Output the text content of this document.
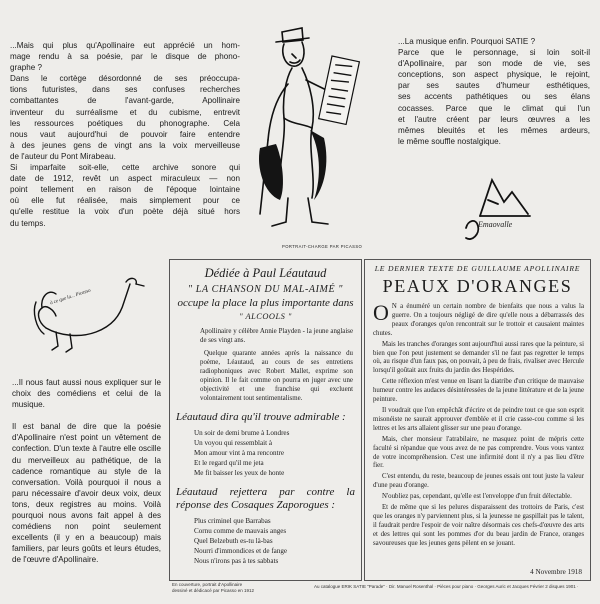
...Mais qui plus qu'Apollinaire eut apprécié un hom-
mage rendu à sa poésie, par le disque de phono-
graphe ?
Dans le cortège désordonné de ses préoccupa-
tions futuristes, dans ses confuses recherches
combattantes de l'avant-garde, Apollinaire
inventeur du surréalisme et du cubisme, entrevit
les ressources poétiques du phonographe. Cela
nous vaut aujourd'hui de pouvoir faire entendre
à des jeunes gens de vingt ans la voix merveilleuse
de l'auteur du Pont Mirabeau.
Si imparfaite soit-elle, cette archive sonore qui
date de 1912, revêt un aspect miraculeux — non
point tellement en raison de l'époque lointaine
où elle fut réalisée, mais simplement pour ce
qu'elle restitue la voix d'un poète déjà situé hors
du temps.
PORTRAIT-CHARGE PAR PICASSO
...La musique enfin. Pourquoi SATIE ?
Parce que le personnage, si loin soit-il
d'Apollinaire, par son mode de vie, ses
conceptions, son aspect physique, le rejoint,
par ses sautes d'humeur esthétiques,
ses accents pathétiques ou ses élans
cocasses. Parce que le climat qui l'un
et l'autre créent par leurs œuvres a les
mêmes bleuités et les mêmes ardeurs,
le même souffle nostalgique.
Emaovalle
à ce que la... Picasso

...Il nous faut aussi nous expliquer sur le choix des comédiens et celui de la musique.

Il est banal de dire que la poésie d'Apollinaire n'est point un vêtement de confection. D'un texte à l'autre elle oscille du merveilleux au pathétique, de la cadence romantique au style de la conversation. Voilà pourquoi il nous a paru nécessaire d'avoir deux voix, deux tons, deux registres au moins. Voilà pourquoi nous avons fait appel à des comédiens non point seulement excellents (il y en a beaucoup) mais familiers, par leurs goûts et leurs études, de l'œuvre d'Apollinaire.

Dédiée à Paul Léautaud
" LA CHANSON DU MAL-AIMÉ "
occupe la place la plus importante dans
" ALCOOLS "
Apollinaire y célèbre Annie Playden - la jeune anglaise de ses vingt ans.
Quelque quarante années après la naissance du poème, Léautaud, au cours de ses entretiens radiophoniques avec Robert Mallet, exprime son opinion. Il le fait comme on pourra en juger avec une objectivité et une franchise qui excluent volontairement tout sentimentalisme.
Léautaud dira qu'il trouve admirable :
Un soir de demi brume à Londres
Un voyou qui ressemblait à
Mon amour vint à ma rencontre
Et le regard qu'il me jeta
Me fit baisser les yeux de honte
Léautaud rejettera par contre la réponse des Cosaques Zaporogues :
Plus criminel que Barrabas
Cornu comme de mauvais anges
Quel Belzebuth es-tu là-bas
Nourri d'immondices et de fange
Nous n'irons pas à tes sabbats
LE DERNIER TEXTE DE GUILLAUME APOLLINAIRE
PEAUX D'ORANGES

O N a énuméré un certain nombre de bienfaits que nous a valus la guerre. On a toujours négligé de dire qu'elle nous a débarrassés des peaux d'oranges qu'on rencontrait sur le trottoir et causaient maintes chutes.

Mais les tranches d'oranges sont aujourd'hui aussi rares que la peinture, si bien que l'on peut justement se demander s'il ne faut pas regretter le temps où, au risque d'un faux pas, on pouvait, à peu de frais, rivaliser avec Hercule lorsqu'il goûtait aux fruits du jardin des Hespérides.

Cette réflexion m'est venue en lisant la diatribe d'un critique de mauvaise humeur contre les audaces désintéressées de la jeune littérature et de la jeune peinture.

Il voudrait que l'on empêchât d'écrire et de peindre tout ce que son esprit misonéiste ne saurait approuver d'emblée et il crie casse-cou comme si les lettres et les arts allaient glisser sur une peau d'orange.

Mais, cher monsieur l'atrabilaire, ne masquez point de mépris cette faculté si répandue que vous avez de ne pas comprendre. Vous vous vantez de votre incompréhension. C'est une infirmité dont il n'y a pas lieu d'être fier.

C'est entendu, du reste, beaucoup de jeunes essais ont tout juste la valeur d'une peau d'orange.

N'oubliez pas, cependant, qu'elle est l'enveloppe d'un fruit délectable.

Et de même que si les pelures disparaissent des trottoirs de Paris, c'est que les oranges n'y parviennent plus, si la jeunesse ne gaspillait pas le talent, il faudrait perdre l'espoir de voir naître désormais ces chefs-d'œuvre des arts et des lettres qui sont les pommes d'or du beau jardin de France, oranges savoureuses que les jeunes gens pèlent en se jouant.

4 Novembre 1918
En couverture, portrait d'Apollinaire
dessiné et dédicacé par Picasso en 1912
Au catalogue ERIK SATIE "Parade" · Dir. Manuel Rosenthal · Pièces pour piano · Georges Auric et Jacques Février 2 disques 1901 ·
